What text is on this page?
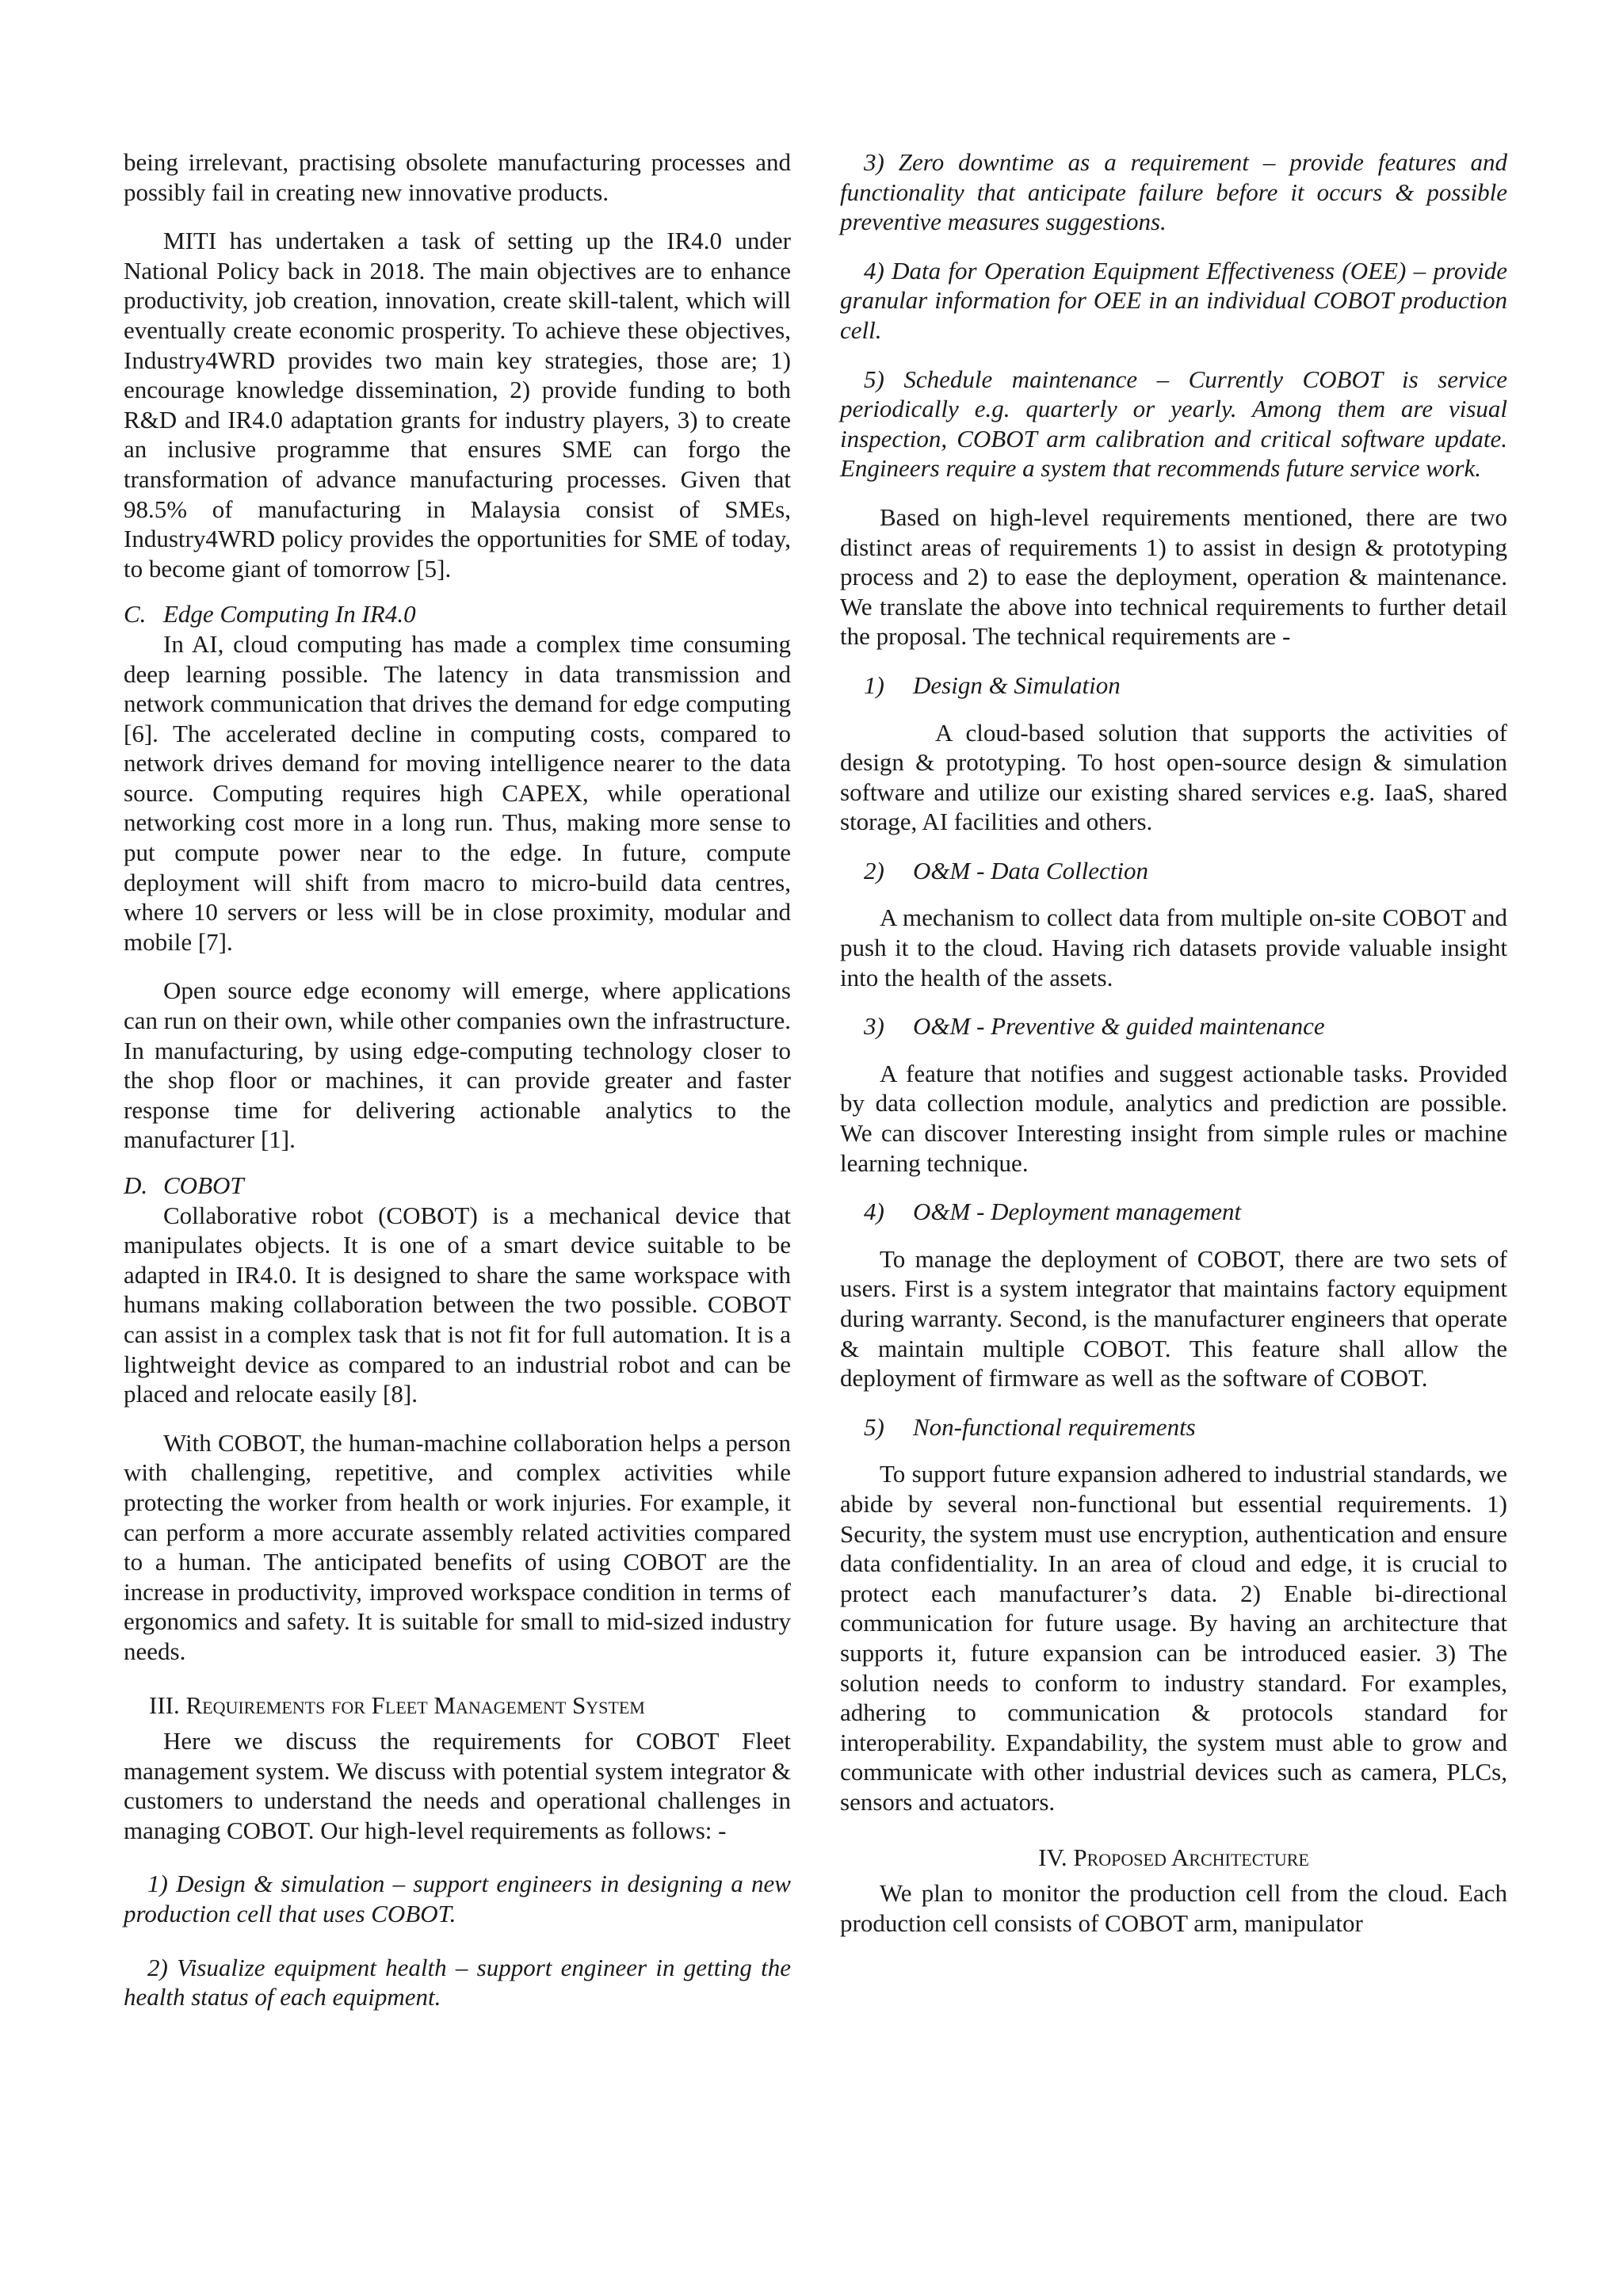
being irrelevant, practising obsolete manufacturing processes and possibly fail in creating new innovative products.

MITI has undertaken a task of setting up the IR4.0 under National Policy back in 2018. The main objectives are to enhance productivity, job creation, innovation, create skill-talent, which will eventually create economic prosperity. To achieve these objectives, Industry4WRD provides two main key strategies, those are; 1) encourage knowledge dissemination, 2) provide funding to both R&D and IR4.0 adaptation grants for industry players, 3) to create an inclusive programme that ensures SME can forgo the transformation of advance manufacturing processes. Given that 98.5% of manufacturing in Malaysia consist of SMEs, Industry4WRD policy provides the opportunities for SME of today, to become giant of tomorrow [5].

C. Edge Computing In IR4.0

In AI, cloud computing has made a complex time consuming deep learning possible. The latency in data transmission and network communication that drives the demand for edge computing [6]. The accelerated decline in computing costs, compared to network drives demand for moving intelligence nearer to the data source. Computing requires high CAPEX, while operational networking cost more in a long run. Thus, making more sense to put compute power near to the edge. In future, compute deployment will shift from macro to micro-build data centres, where 10 servers or less will be in close proximity, modular and mobile [7].

Open source edge economy will emerge, where applications can run on their own, while other companies own the infrastructure. In manufacturing, by using edge-computing technology closer to the shop floor or machines, it can provide greater and faster response time for delivering actionable analytics to the manufacturer [1].

D. COBOT

Collaborative robot (COBOT) is a mechanical device that manipulates objects. It is one of a smart device suitable to be adapted in IR4.0. It is designed to share the same workspace with humans making collaboration between the two possible. COBOT can assist in a complex task that is not fit for full automation. It is a lightweight device as compared to an industrial robot and can be placed and relocate easily [8].

With COBOT, the human-machine collaboration helps a person with challenging, repetitive, and complex activities while protecting the worker from health or work injuries. For example, it can perform a more accurate assembly related activities compared to a human. The anticipated benefits of using COBOT are the increase in productivity, improved workspace condition in terms of ergonomics and safety. It is suitable for small to mid-sized industry needs.

III. Requirements for Fleet Management System

Here we discuss the requirements for COBOT Fleet management system. We discuss with potential system integrator & customers to understand the needs and operational challenges in managing COBOT. Our high-level requirements as follows: -

1) Design & simulation – support engineers in designing a new production cell that uses COBOT.

2) Visualize equipment health – support engineer in getting the health status of each equipment.

3) Zero downtime as a requirement – provide features and functionality that anticipate failure before it occurs & possible preventive measures suggestions.

4) Data for Operation Equipment Effectiveness (OEE) – provide granular information for OEE in an individual COBOT production cell.

5) Schedule maintenance – Currently COBOT is service periodically e.g. quarterly or yearly. Among them are visual inspection, COBOT arm calibration and critical software update. Engineers require a system that recommends future service work.

Based on high-level requirements mentioned, there are two distinct areas of requirements 1) to assist in design & prototyping process and 2) to ease the deployment, operation & maintenance. We translate the above into technical requirements to further detail the proposal. The technical requirements are -

1) Design & Simulation

A cloud-based solution that supports the activities of design & prototyping. To host open-source design & simulation software and utilize our existing shared services e.g. IaaS, shared storage, AI facilities and others.

2) O&M - Data Collection

A mechanism to collect data from multiple on-site COBOT and push it to the cloud. Having rich datasets provide valuable insight into the health of the assets.

3) O&M - Preventive & guided maintenance

A feature that notifies and suggest actionable tasks. Provided by data collection module, analytics and prediction are possible. We can discover Interesting insight from simple rules or machine learning technique.

4) O&M - Deployment management

To manage the deployment of COBOT, there are two sets of users. First is a system integrator that maintains factory equipment during warranty. Second, is the manufacturer engineers that operate & maintain multiple COBOT. This feature shall allow the deployment of firmware as well as the software of COBOT.

5) Non-functional requirements

To support future expansion adhered to industrial standards, we abide by several non-functional but essential requirements. 1) Security, the system must use encryption, authentication and ensure data confidentiality. In an area of cloud and edge, it is crucial to protect each manufacturer’s data. 2) Enable bi-directional communication for future usage. By having an architecture that supports it, future expansion can be introduced easier. 3) The solution needs to conform to industry standard. For examples, adhering to communication & protocols standard for interoperability. Expandability, the system must able to grow and communicate with other industrial devices such as camera, PLCs, sensors and actuators.

IV. Proposed Architecture

We plan to monitor the production cell from the cloud. Each production cell consists of COBOT arm, manipulator
